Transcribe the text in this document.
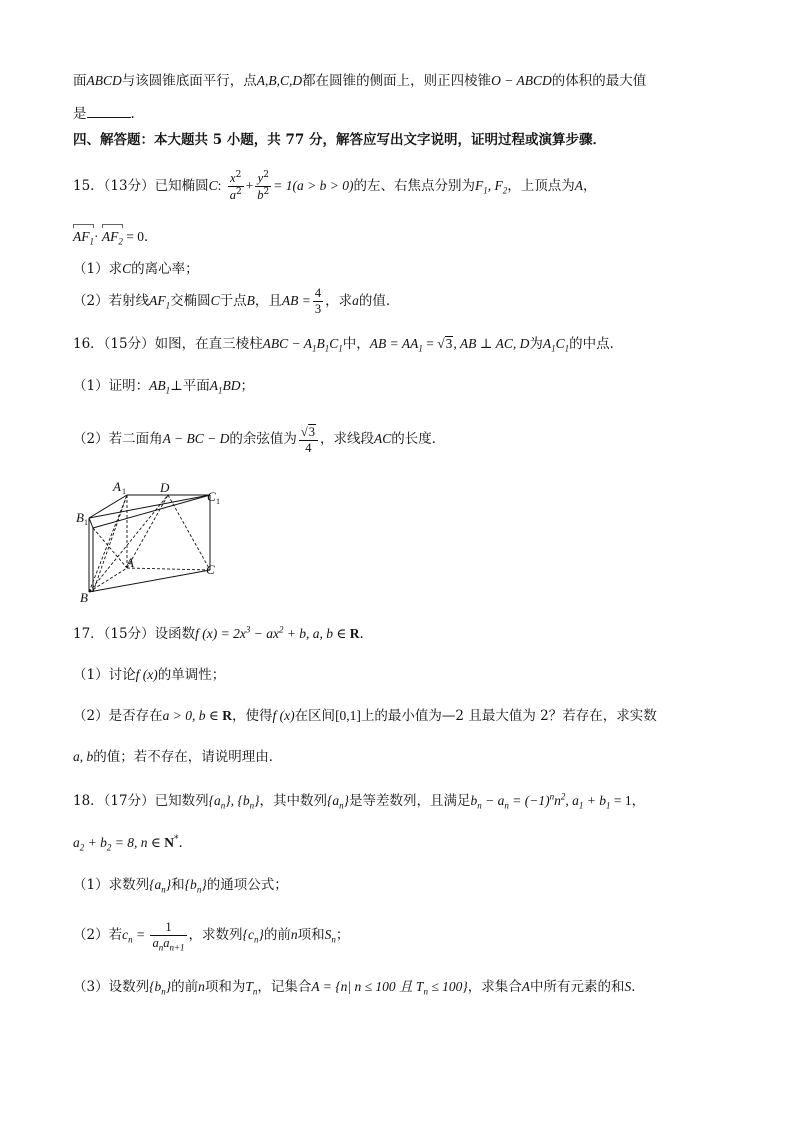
面ABCD与该圆锥底面平行，点A,B,C,D都在圆锥的侧面上，则正四棱锥O − ABCD的体积的最大值
是	.
四、解答题：本大题共 5 小题，共 77 分，解答应写出文字说明，证明过程或演算步骤．
15．（13分）已知椭圆C: $\frac{x^2}{a^2} + \frac{y^2}{b^2} = 1(a > b > 0)$的左、右焦点分别为$F_1$, $F_2$，上顶点为A，
$AF_1\cdot AF_2 = 0$．
（1）求C的离心率；
（2）若射线$AF_1$交椭圆C于点B，且AB = $\frac{4}{3}$ ，求a的值．
16．（15分）如图，在直三棱柱ABC − $A_1B_1C_1$中，AB = $AA_1 = √3$, AB ⊥ AC, D为$A_1C_1$的中点．
（1）证明：$AB_1\perp$平面$A_1BD$；
（2）若二面角A − BC − D的余弦值为 $\frac{√3}{4}$ ，求线段AC的长度．
A 1	D
C 1
B 1
A	C
B
17．（15分）设函数f $(x) = 2x^3 - ax^2 + b$, a, b ∈ R．
（1）讨论f (x)的单调性；
（2）是否存在a > 0, b ∈ R，使得f (x)在区间[0,1]上的最小值为—2 且最大值为 2？若存在，求实数
a, b的值；若不存在，请说明理由．
18．（17分）已知数列$\{a_n\}$, $\{b_n\}$，其中数列$\{a_n\}$是等差数列，且满足$b_n - a_n = (-1)^nn^2$, $a_1 + b_1 = 1$，
$a_2 + b_2 = 8$, n ∈ N*．
（1）求数列$\{a_n\}$和$\{b_n\}$的通项公式；
（2）若$c_n = \frac{1}{a_na_{n+1}}$ ，求数列$\{c_n\}$的前n项和$S_n$；
（3）设数列$\{b_n\}$的前n项和为$T_n$，记集合A = {n| n ≤ 100 且 $T_n \le 100$}，求集合A中所有元素的和S．
